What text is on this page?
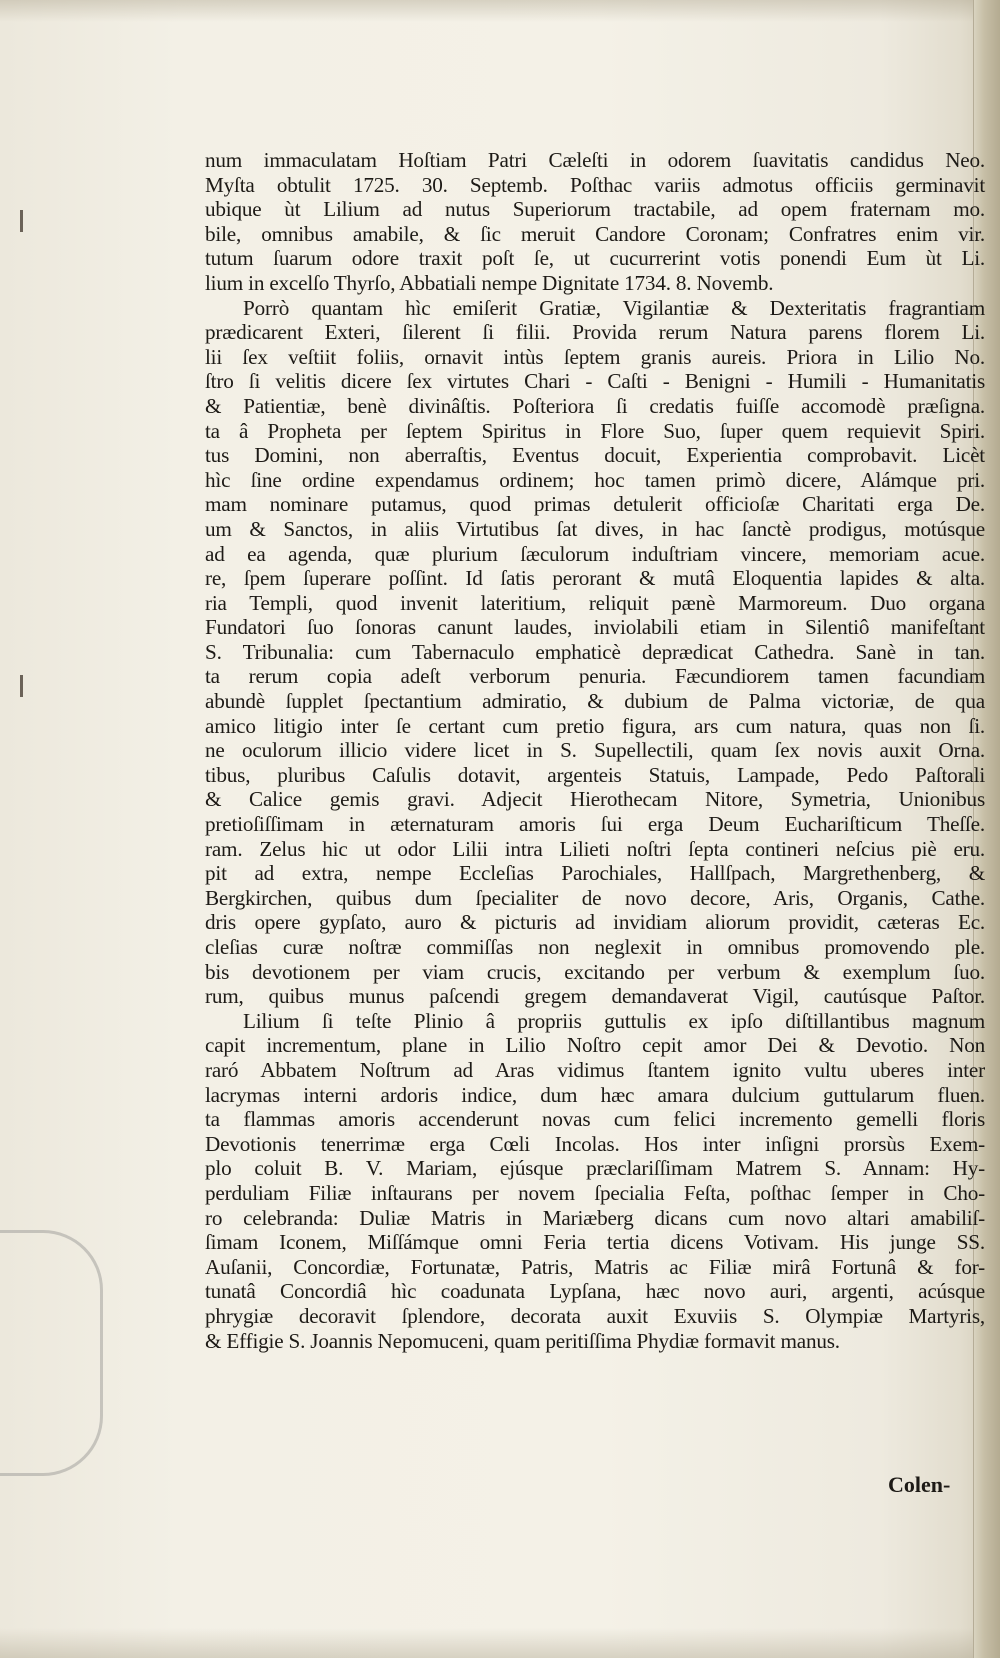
num immaculatam Hoſtiam Patri Cæleſti in odorem ſuavitatis candidus Neo.
Myſta obtulit 1725. 30. Septemb. Poſthac variis admotus officiis germinavit
ubique ùt Lilium ad nutus Superiorum tractabile, ad opem fraternam mo.
bile, omnibus amabile, & ſic meruit Candore Coronam; Confratres enim vir.
tutum ſuarum odore traxit poſt ſe, ut cucurrerint votis ponendi Eum ùt Li.
lium in excelſo Thyrſo, Abbatiali nempe Dignitate 1734. 8. Novemb.
Porrò quantam hìc emiſerit Gratiæ, Vigilantiæ & Dexteritatis fragrantiam
prædicarent Exteri, ſilerent ſi filii. Provida rerum Natura parens florem Li.
lii ſex veſtiit foliis, ornavit intùs ſeptem granis aureis. Priora in Lilio No.
ſtro ſi velitis dicere ſex virtutes Chari - Caſti - Benigni - Humili - Humanitatis
& Patientiæ, benè divinâſtis. Poſteriora ſi credatis fuiſſe accomodè præſigna.
ta â Propheta per ſeptem Spiritus in Flore Suo, ſuper quem requievit Spiri.
tus Domini, non aberraſtis, Eventus docuit, Experientia comprobavit. Licèt
hìc ſine ordine expendamus ordinem; hoc tamen primò dicere, Alámque pri.
mam nominare putamus, quod primas detulerit officioſæ Charitati erga De.
um & Sanctos, in aliis Virtutibus ſat dives, in hac ſanctè prodigus, motúsque
ad ea agenda, quæ plurium ſæculorum induſtriam vincere, memoriam acue.
re, ſpem ſuperare poſſint. Id ſatis perorant & mutâ Eloquentia lapides & alta.
ria Templi, quod invenit lateritium, reliquit pænè Marmoreum. Duo organa
Fundatori ſuo ſonoras canunt laudes, inviolabili etiam in Silentiô manifeſtant
S. Tribunalia: cum Tabernaculo emphaticè deprædicat Cathedra. Sanè in tan.
ta rerum copia adeſt verborum penuria. Fæcundiorem tamen facundiam
abundè ſupplet ſpectantium admiratio, & dubium de Palma victoriæ, de qua
amico litigio inter ſe certant cum pretio figura, ars cum natura, quas non ſi.
ne oculorum illicio videre licet in S. Supellectili, quam ſex novis auxit Orna.
tibus, pluribus Caſulis dotavit, argenteis Statuis, Lampade, Pedo Paſtorali
& Calice gemis gravi. Adjecit Hierothecam Nitore, Symetria, Unionibus
pretioſiſſimam in æternaturam amoris ſui erga Deum Euchariſticum Theſſe.
ram. Zelus hic ut odor Lilii intra Lilieti noſtri ſepta contineri neſcius piè eru.
pit ad extra, nempe Eccleſias Parochiales, Hallſpach, Margrethenberg, &
Bergkirchen, quibus dum ſpecialiter de novo decore, Aris, Organis, Cathe.
dris opere gypſato, auro & picturis ad invidiam aliorum providit, cæteras Ec.
cleſias curæ noſtræ commiſſas non neglexit in omnibus promovendo ple.
bis devotionem per viam crucis, excitando per verbum & exemplum ſuo.
rum, quibus munus paſcendi gregem demandaverat Vigil, cautúsque Paſtor.
Lilium ſi teſte Plinio â propriis guttulis ex ipſo diſtillantibus magnum
capit incrementum, plane in Lilio Noſtro cepit amor Dei & Devotio. Non
raró Abbatem Noſtrum ad Aras vidimus ſtantem ignito vultu uberes inter
lacrymas interni ardoris indice, dum hæc amara dulcium guttularum fluen.
ta flammas amoris accenderunt novas cum felici incremento gemelli floris
Devotionis tenerrimæ erga Cœli Incolas. Hos inter inſigni prorsùs Exem-
plo coluit B. V. Mariam, ejúsque præclariſſimam Matrem S. Annam: Hy-
perduliam Filiæ inſtaurans per novem ſpecialia Feſta, poſthac ſemper in Cho-
ro celebranda: Duliæ Matris in Mariæberg dicans cum novo altari amabiliſ-
ſimam Iconem, Miſſámque omni Feria tertia dicens Votivam. His junge SS.
Auſanii, Concordiæ, Fortunatæ, Patris, Matris ac Filiæ mirâ Fortunâ & for-
tunatâ Concordiâ hìc coadunata Lypſana, hæc novo auri, argenti, acúsque
phrygiæ decoravit ſplendore, decorata auxit Exuviis S. Olympiæ Martyris,
& Effigie S. Joannis Nepomuceni, quam peritiſſima Phydiæ formavit manus.
Colen-
